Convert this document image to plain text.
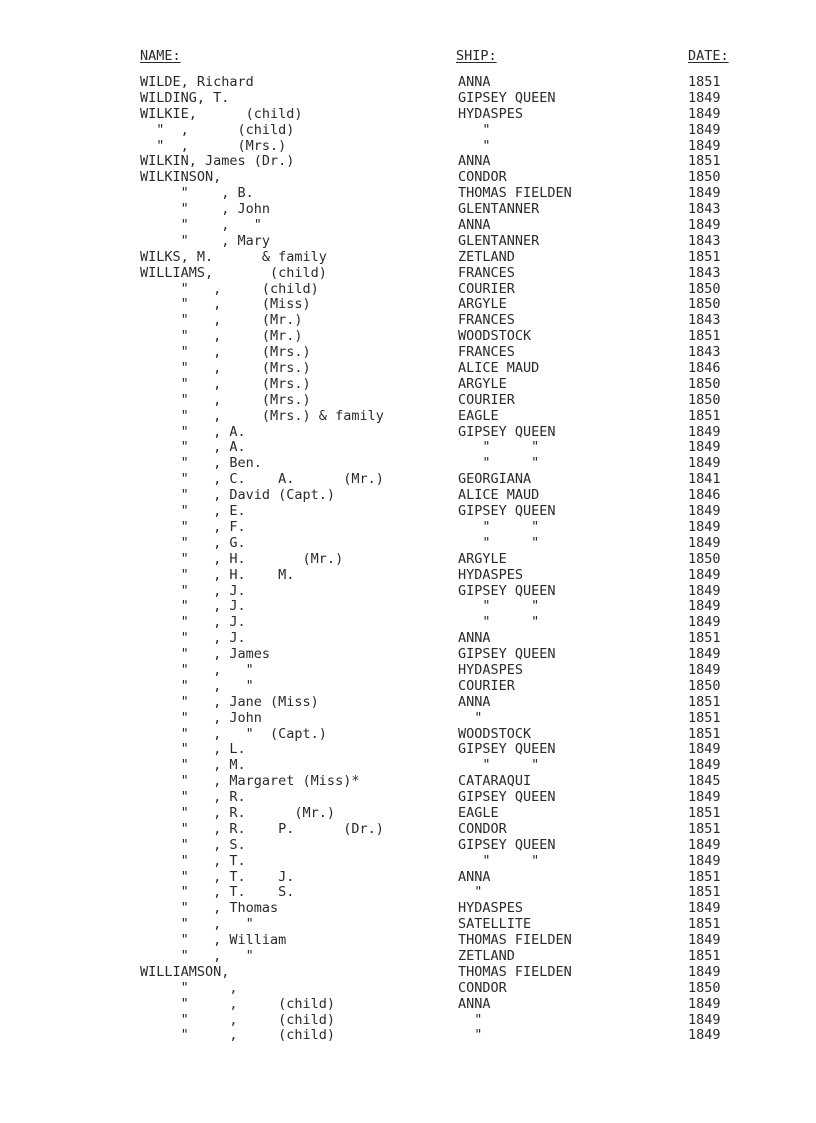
NAME:	SHIP:	DATE:
WILDE, Richard	ANNA	1851
WILDING, T.	GIPSEY QUEEN	1849
WILKIE,      (child)	HYDASPES	1849
"  ,      (child)	"	1849
"  ,      (Mrs.)	"	1849
WILKIN, James (Dr.)	ANNA	1851
WILKINSON,	CONDOR	1850
"    , B.	THOMAS FIELDEN	1849
"    , John	GLENTANNER	1843
"    ,   "	ANNA	1849
"    , Mary	GLENTANNER	1843
WILKS, M.      & family	ZETLAND	1851
WILLIAMS,       (child)	FRANCES	1843
"   ,     (child)	COURIER	1850
"   ,     (Miss)	ARGYLE	1850
"   ,     (Mr.)	FRANCES	1843
"   ,     (Mr.)	WOODSTOCK	1851
"   ,     (Mrs.)	FRANCES	1843
"   ,     (Mrs.)	ALICE MAUD	1846
"   ,     (Mrs.)	ARGYLE	1850
"   ,     (Mrs.)	COURIER	1850
"   ,     (Mrs.) & family	EAGLE	1851
"   , A.	GIPSEY QUEEN	1849
"   , A.	"     "	1849
"   , Ben.	"     "	1849
"   , C.    A.      (Mr.)	GEORGIANA	1841
"   , David (Capt.)	ALICE MAUD	1846
"   , E.	GIPSEY QUEEN	1849
"   , F.	"     "	1849
"   , G.	"     "	1849
"   , H.       (Mr.)	ARGYLE	1850
"   , H.    M.	HYDASPES	1849
"   , J.	GIPSEY QUEEN	1849
"   , J.	"     "	1849
"   , J.	"     "	1849
"   , J.	ANNA	1851
"   , James	GIPSEY QUEEN	1849
"   ,   "	HYDASPES	1849
"   ,   "	COURIER	1850
"   , Jane (Miss)	ANNA	1851
"   , John	"	1851
"   ,   "  (Capt.)	WOODSTOCK	1851
"   , L.	GIPSEY QUEEN	1849
"   , M.	"     "	1849
"   , Margaret (Miss)*	CATARAQUI	1845
"   , R.	GIPSEY QUEEN	1849
"   , R.      (Mr.)	EAGLE	1851
"   , R.    P.      (Dr.)	CONDOR	1851
"   , S.	GIPSEY QUEEN	1849
"   , T.	"     "	1849
"   , T.    J.	ANNA	1851
"   , T.    S.	"	1851
"   , Thomas	HYDASPES	1849
"   ,   "	SATELLITE	1851
"   , William	THOMAS FIELDEN	1849
"   ,   "	ZETLAND	1851
WILLIAMSON,	THOMAS FIELDEN	1849
"     ,	CONDOR	1850
"     ,     (child)	ANNA	1849
"     ,     (child)	"	1849
"     ,     (child)	"	1849
